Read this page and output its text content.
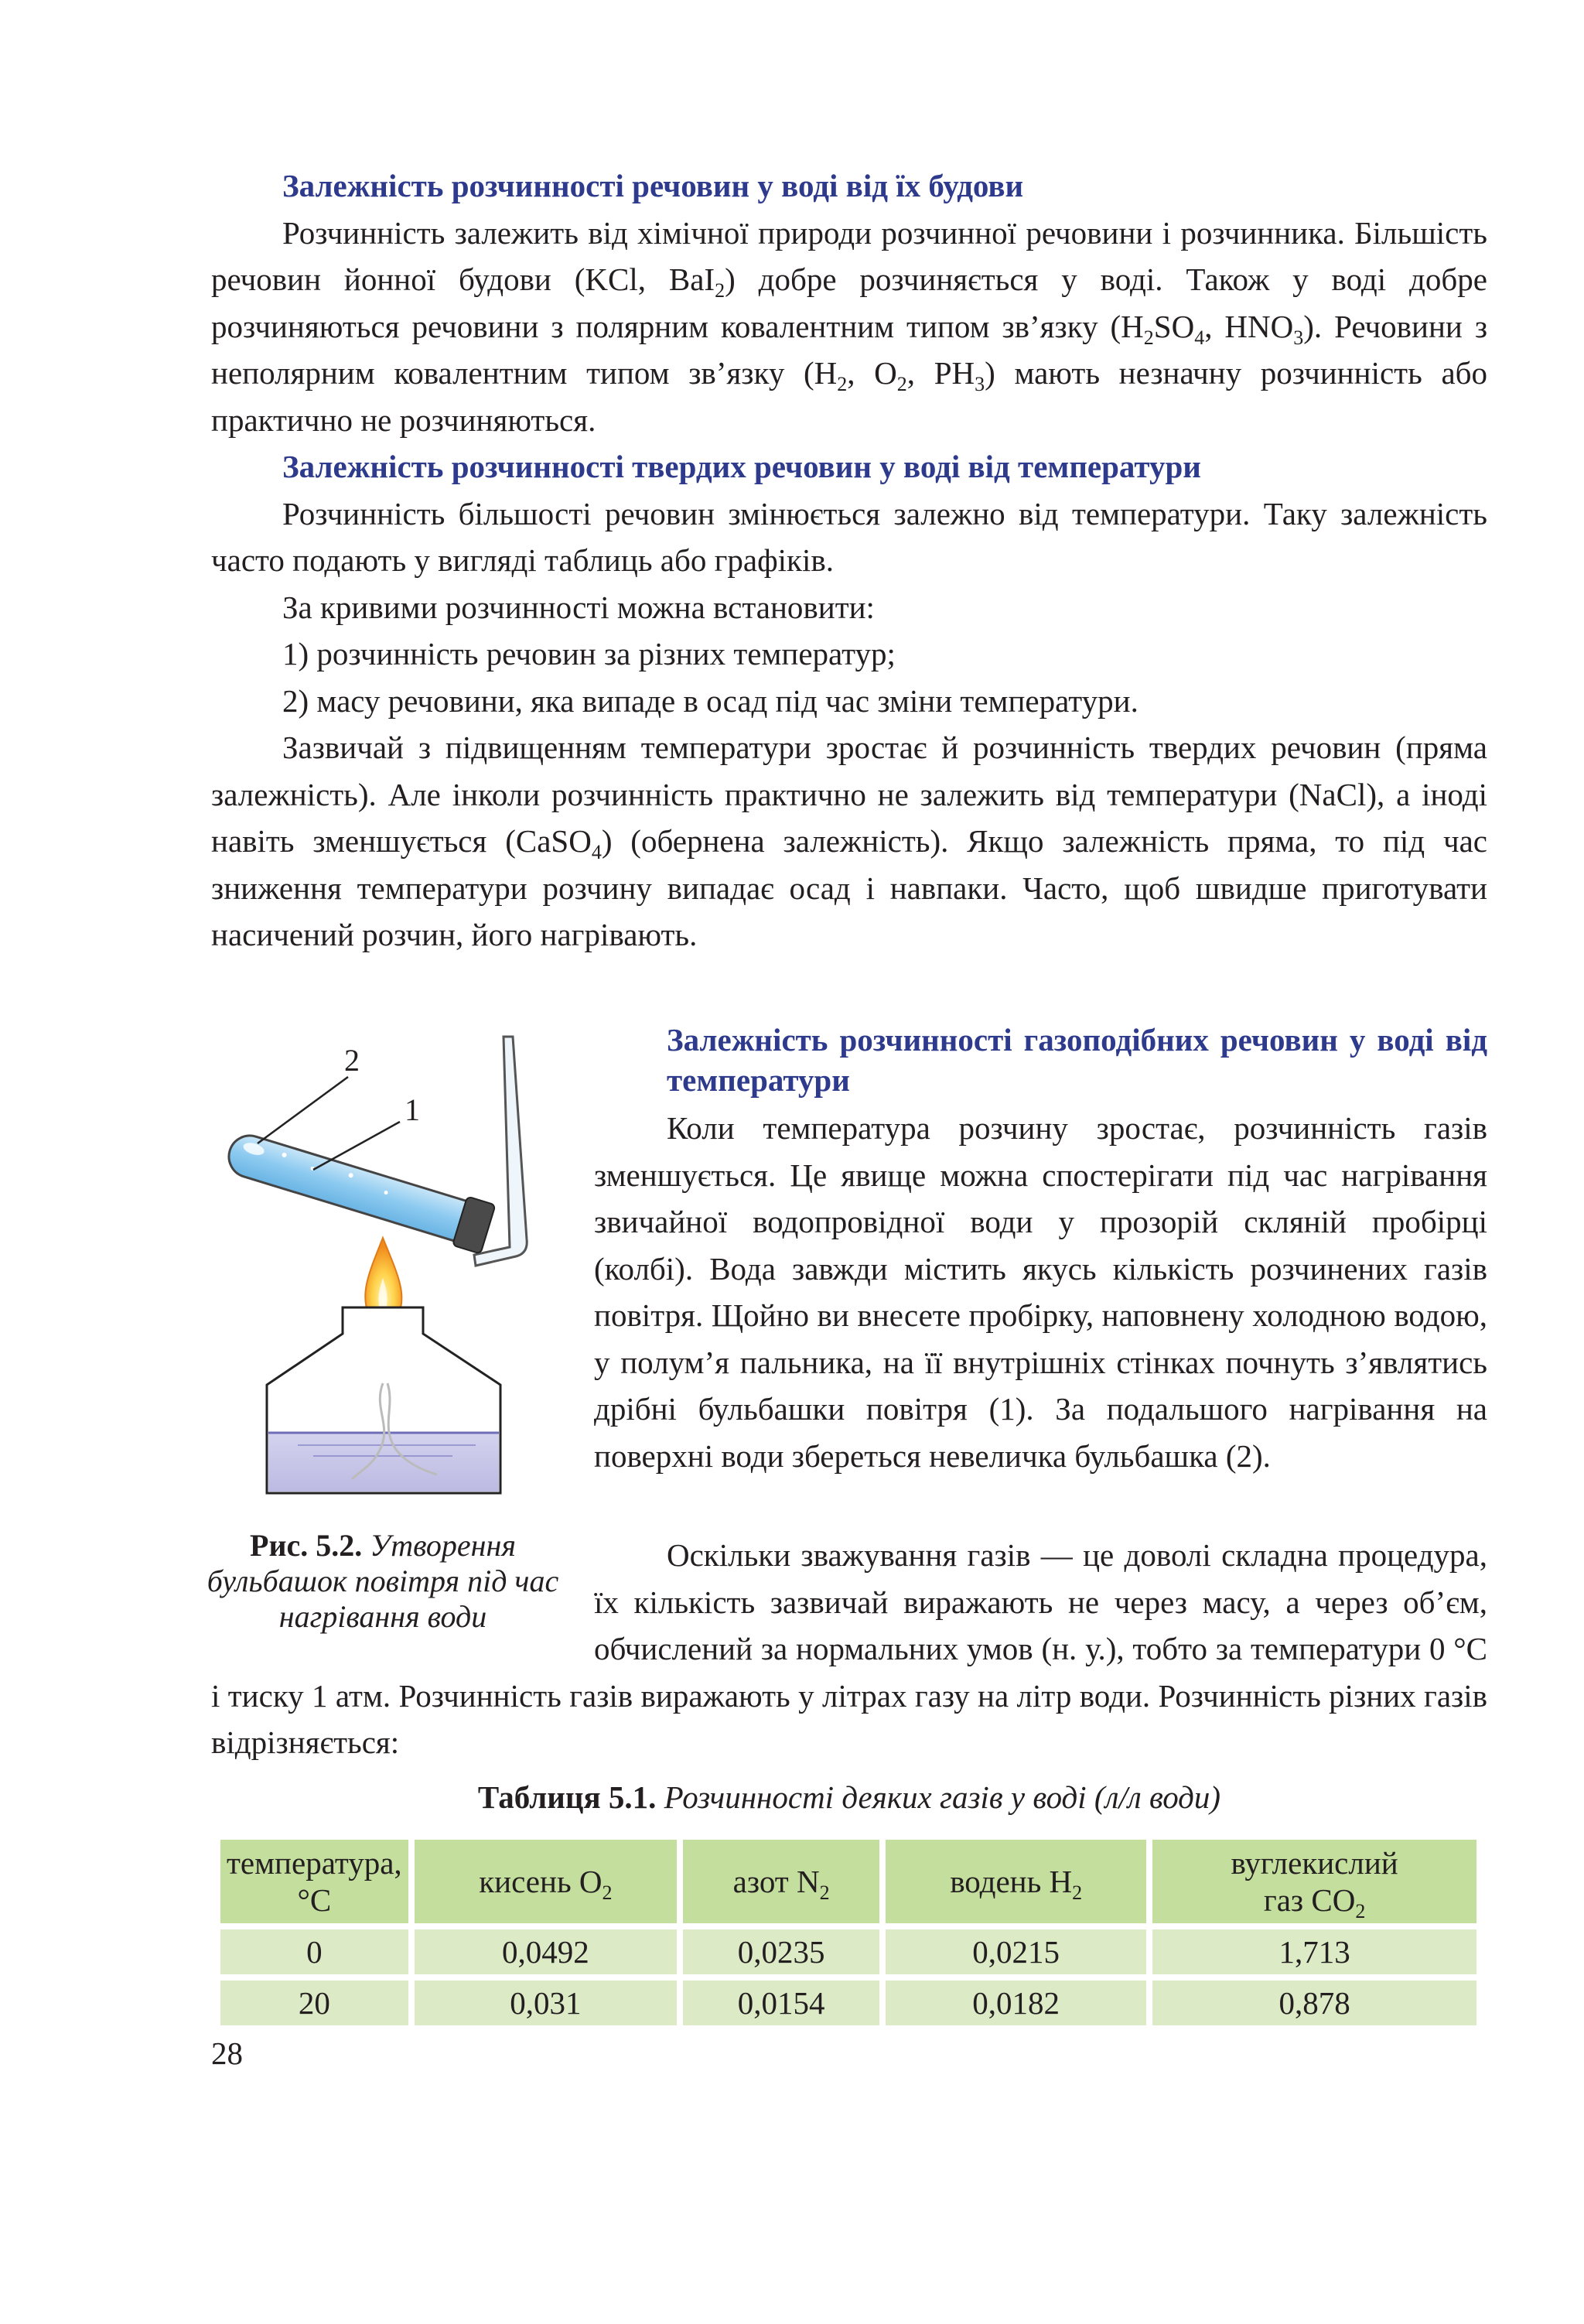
Залежність розчинності речовин у воді від їх будови

Розчинність залежить від хімічної природи розчинної речовини і розчинника. Більшість речовин йонної будови (KCl, BaI$_2$) добре розчиняється у воді. Також у воді добре розчиняються речовини з полярним ковалентним типом зв’язку ($H_2SO_4$, $HNO_3$). Речовини з неполярним ковалентним типом зв’язку ($H_2$, $O_2$, $PH_3$) мають незначну розчинність або практично не розчиняються.

Залежність розчинності твердих речовин у воді від температури

Розчинність більшості речовин змінюється залежно від температури. Таку залежність часто подають у вигляді таблиць або графіків.

За кривими розчинності можна встановити:

1) розчинність речовин за різних температур;

2) масу речовини, яка випаде в осад під час зміни температури.

Зазвичай з підвищенням температури зростає й розчинність твердих речовин (пряма залежність). Але інколи розчинність практично не залежить від температури (NaCl), а іноді навіть зменшується (CaSO$_4$) (обернена залежність). Якщо залежність пряма, то під час зниження температури розчину випадає осад і навпаки. Часто, щоб швидше приготувати насичений розчин, його нагрівають.

2
1
Рис. 5.2. Утворення бульбашок повітря під час нагрівання води

Залежність розчинності газоподібних речовин у воді від температури

Коли температура розчину зростає, розчинність газів зменшується. Це явище можна спостерігати під час нагрівання звичайної водопровідної води у прозорій скляній пробірці (колбі). Вода завжди містить якусь кількість розчинених газів повітря. Щойно ви внесете пробірку, наповнену холодною водою, у полум’я пальника, на її внутрішніх стінках почнуть з’являтись дрібні бульбашки повітря (1). За подальшого нагрівання на поверхні води збереться невеличка бульбашка (2).

Оскільки зважування газів — це доволі складна процедура, їх кількість зазвичай виражають не через масу, а через об’єм, обчислений за нормальних умов (н. у.), тобто за температури 0 °С і тиску 1 атм. Розчинність газів виражають у літрах газу на літр води. Розчинність різних газів відрізняється:

Таблиця 5.1. Розчинності деяких газів у воді (л/л води)
температура, °С	кисень $O_2$	азот $N_2$	водень $H_2$	вуглекислий
газ $CO_2$
0	0,0492	0,0235	0,0215	1,713
20	0,031	0,0154	0,0182	0,878
28
